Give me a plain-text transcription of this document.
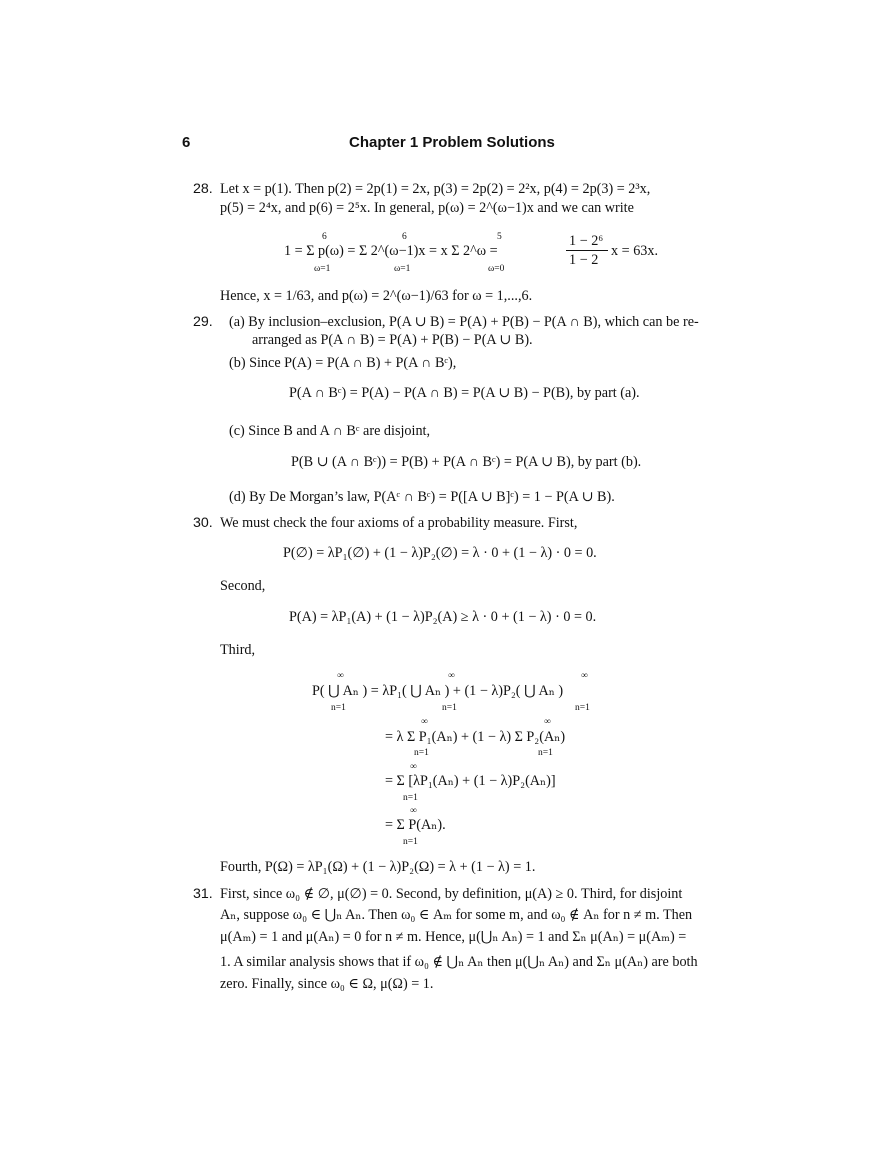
6	Chapter 1 Problem Solutions
28. Let x = p(1). Then p(2) = 2p(1) = 2x, p(3) = 2p(2) = 2²x, p(4) = 2p(3) = 2³x,
p(5) = 2⁴x, and p(6) = 2⁵x. In general, p(ω) = 2^(ω−1)x and we can write
6	6	5
1 = Σ p(ω) = Σ 2^(ω−1)x = x Σ 2^ω =
1 − 2⁶
1 − 2
x = 63x.
ω=1	ω=1	ω=0
Hence, x = 1/63, and p(ω) = 2^(ω−1)/63 for ω = 1,...,6.
29. (a) By inclusion–exclusion, P(A ∪ B) = P(A) + P(B) − P(A ∩ B), which can be re-
arranged as P(A ∩ B) = P(A) + P(B) − P(A ∪ B).
(b) Since P(A) = P(A ∩ B) + P(A ∩ Bᶜ),
P(A ∩ Bᶜ) = P(A) − P(A ∩ B) = P(A ∪ B) − P(B), by part (a).
(c) Since B and A ∩ Bᶜ are disjoint,
P(B ∪ (A ∩ Bᶜ)) = P(B) + P(A ∩ Bᶜ) = P(A ∪ B), by part (b).
(d) By De Morgan’s law, P(Aᶜ ∩ Bᶜ) = P([A ∪ B]ᶜ) = 1 − P(A ∪ B).
30. We must check the four axioms of a probability measure. First,
P(∅) = λP₁(∅) + (1 − λ)P₂(∅) = λ · 0 + (1 − λ) · 0 = 0.
Second,
P(A) = λP₁(A) + (1 − λ)P₂(A) ≥ λ · 0 + (1 − λ) · 0 = 0.
Third,
∞	∞	∞
P( ⋃ Aₙ ) = λP₁( ⋃ Aₙ ) + (1 − λ)P₂( ⋃ Aₙ )
n=1	n=1	n=1
∞	∞
= λ Σ P₁(Aₙ) + (1 − λ) Σ P₂(Aₙ)
n=1	n=1
∞
= Σ [λP₁(Aₙ) + (1 − λ)P₂(Aₙ)]
n=1
∞
= Σ P(Aₙ).
n=1
Fourth, P(Ω) = λP₁(Ω) + (1 − λ)P₂(Ω) = λ + (1 − λ) = 1.
31. First, since ω₀ ∉ ∅, μ(∅) = 0. Second, by definition, μ(A) ≥ 0. Third, for disjoint
Aₙ, suppose ω₀ ∈ ⋃ₙ Aₙ. Then ω₀ ∈ Aₘ for some m, and ω₀ ∉ Aₙ for n ≠ m. Then
μ(Aₘ) = 1 and μ(Aₙ) = 0 for n ≠ m. Hence, μ(⋃ₙ Aₙ) = 1 and Σₙ μ(Aₙ) = μ(Aₘ) =
1. A similar analysis shows that if ω₀ ∉ ⋃ₙ Aₙ then μ(⋃ₙ Aₙ) and Σₙ μ(Aₙ) are both
zero. Finally, since ω₀ ∈ Ω, μ(Ω) = 1.
